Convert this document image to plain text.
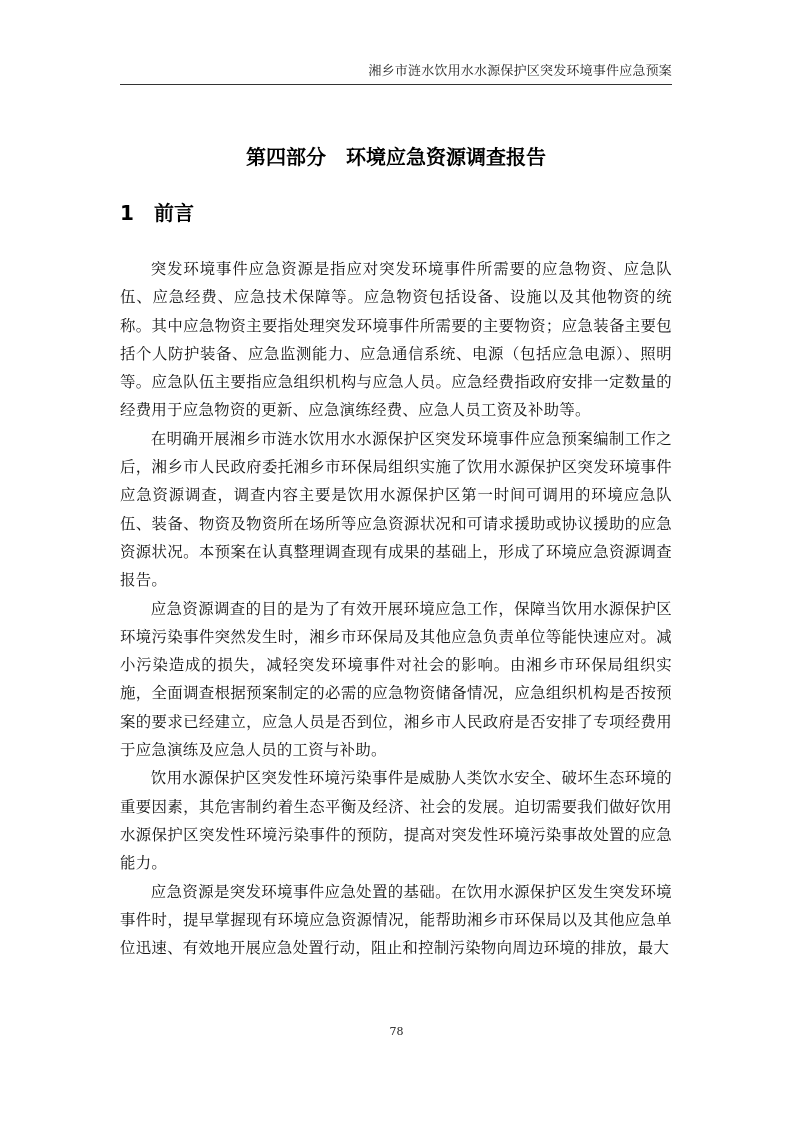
湘乡市涟水饮用水水源保护区突发环境事件应急预案
第四部分　环境应急资源调查报告
1 前言

突发环境事件应急资源是指应对突发环境事件所需要的应急物资、应急队伍、应急经费、应急技术保障等。应急物资包括设备、设施以及其他物资的统称。其中应急物资主要指处理突发环境事件所需要的主要物资；应急装备主要包括个人防护装备、应急监测能力、应急通信系统、电源（包括应急电源）、照明等。应急队伍主要指应急组织机构与应急人员。应急经费指政府安排一定数量的经费用于应急物资的更新、应急演练经费、应急人员工资及补助等。

在明确开展湘乡市涟水饮用水水源保护区突发环境事件应急预案编制工作之后，湘乡市人民政府委托湘乡市环保局组织实施了饮用水源保护区突发环境事件应急资源调查，调查内容主要是饮用水源保护区第一时间可调用的环境应急队伍、装备、物资及物资所在场所等应急资源状况和可请求援助或协议援助的应急资源状况。本预案在认真整理调查现有成果的基础上，形成了环境应急资源调查报告。

应急资源调查的目的是为了有效开展环境应急工作，保障当饮用水源保护区环境污染事件突然发生时，湘乡市环保局及其他应急负责单位等能快速应对。减小污染造成的损失，减轻突发环境事件对社会的影响。由湘乡市环保局组织实施，全面调查根据预案制定的必需的应急物资储备情况，应急组织机构是否按预案的要求已经建立，应急人员是否到位，湘乡市人民政府是否安排了专项经费用于应急演练及应急人员的工资与补助。

饮用水源保护区突发性环境污染事件是威胁人类饮水安全、破坏生态环境的重要因素，其危害制约着生态平衡及经济、社会的发展。迫切需要我们做好饮用水源保护区突发性环境污染事件的预防，提高对突发性环境污染事故处置的应急能力。

应急资源是突发环境事件应急处置的基础。在饮用水源保护区发生突发环境事件时，提早掌握现有环境应急资源情况，能帮助湘乡市环保局以及其他应急单位迅速、有效地开展应急处置行动，阻止和控制污染物向周边环境的排放，最大

78
